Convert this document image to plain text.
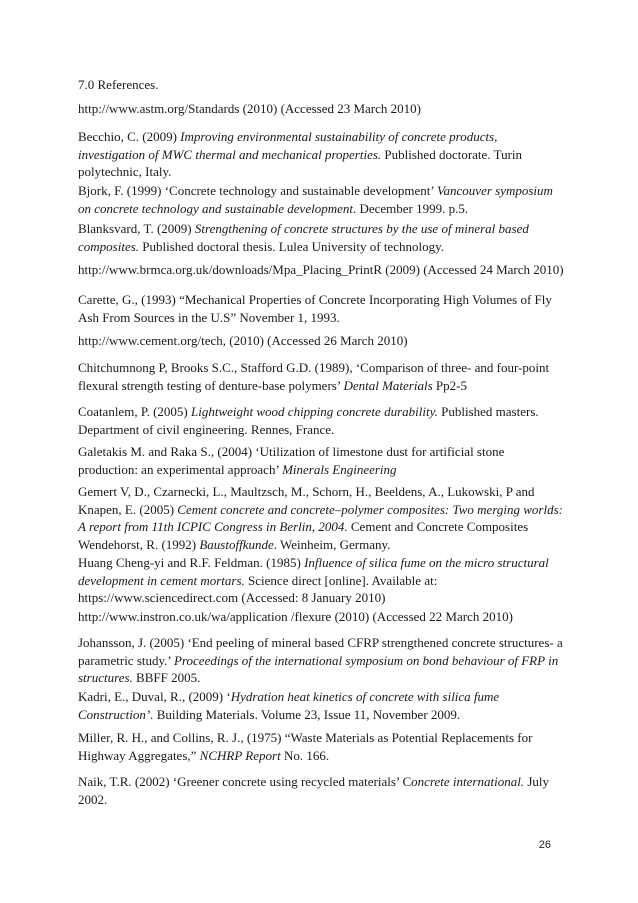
7.0 References.
http://www.astm.org/Standards (2010) (Accessed 23 March 2010)
Becchio, C. (2009) Improving environmental sustainability of concrete products,
investigation of MWC thermal and mechanical properties. Published doctorate. Turin
polytechnic, Italy.
Bjork, F. (1999) ‘Concrete technology and sustainable development’ Vancouver symposium
on concrete technology and sustainable development. December 1999. p.5.
Blanksvard, T. (2009) Strengthening of concrete structures by the use of mineral based
composites. Published doctoral thesis. Lulea University of technology.
http://www.brmca.org.uk/downloads/Mpa_Placing_PrintR (2009) (Accessed 24 March 2010)
Carette, G., (1993) “Mechanical Properties of Concrete Incorporating High Volumes of Fly
Ash From Sources in the U.S” November 1, 1993.
http://www.cement.org/tech, (2010) (Accessed 26 March 2010)
Chitchumnong P, Brooks S.C., Stafford G.D. (1989), ‘Comparison of three- and four-point
flexural strength testing of denture-base polymers’ Dental Materials Pp2-5
Coatanlem, P. (2005) Lightweight wood chipping concrete durability. Published masters.
Department of civil engineering. Rennes, France.
Galetakis M. and Raka S., (2004) ‘Utilization of limestone dust for artificial stone
production: an experimental approach’ Minerals Engineering
Gemert V, D., Czarnecki, L., Maultzsch, M., Schorn, H., Beeldens, A., Lukowski, P and
Knapen, E. (2005) Cement concrete and concrete–polymer composites: Two merging worlds:
A report from 11th ICPIC Congress in Berlin, 2004. Cement and Concrete Composites
Wendehorst, R. (1992) Baustoffkunde. Weinheim, Germany.
Huang Cheng-yi and R.F. Feldman. (1985) Influence of silica fume on the micro structural
development in cement mortars. Science direct [online]. Available at:
https://www.sciencedirect.com (Accessed: 8 January 2010)
http://www.instron.co.uk/wa/application /flexure (2010) (Accessed 22 March 2010)
Johansson, J. (2005) ‘End peeling of mineral based CFRP strengthened concrete structures- a
parametric study.’ Proceedings of the international symposium on bond behaviour of FRP in
structures. BBFF 2005.
Kadri, E., Duval, R., (2009) ‘Hydration heat kinetics of concrete with silica fume
Construction’. Building Materials. Volume 23, Issue 11, November 2009.
Miller, R. H., and Collins, R. J., (1975) “Waste Materials as Potential Replacements for
Highway Aggregates,” NCHRP Report No. 166.
Naik, T.R. (2002) ‘Greener concrete using recycled materials’ Concrete international. July
2002.
26
